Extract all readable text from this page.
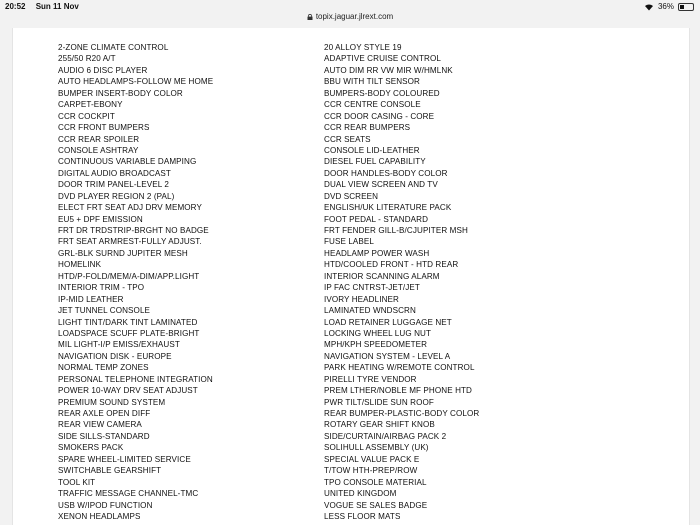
20:52 Sun 11 Nov	36%
topix.jaguar.jlrext.com
2-ZONE CLIMATE CONTROL
255/50 R20 A/T
AUDIO 6 DISC PLAYER
AUTO HEADLAMPS-FOLLOW ME HOME
BUMPER INSERT-BODY COLOR
CARPET-EBONY
CCR COCKPIT
CCR FRONT BUMPERS
CCR REAR SPOILER
CONSOLE ASHTRAY
CONTINUOUS VARIABLE DAMPING
DIGITAL AUDIO BROADCAST
DOOR TRIM PANEL-LEVEL 2
DVD PLAYER REGION 2 (PAL)
ELECT FRT SEAT ADJ DRV MEMORY
EU5 + DPF EMISSION
FRT DR TRDSTRIP-BRGHT NO BADGE
FRT SEAT ARMREST-FULLY ADJUST.
GRL-BLK SURND JUPITER MESH
HOMELINK
HTD/P-FOLD/MEM/A-DIM/APP.LIGHT
INTERIOR TRIM - TPO
IP-MID LEATHER
JET TUNNEL CONSOLE
LIGHT TINT/DARK TINT LAMINATED
LOADSPACE SCUFF PLATE-BRIGHT
MIL LIGHT-I/P EMISS/EXHAUST
NAVIGATION DISK - EUROPE
NORMAL TEMP ZONES
PERSONAL TELEPHONE INTEGRATION
POWER 10-WAY DRV SEAT ADJUST
PREMIUM SOUND SYSTEM
REAR AXLE OPEN DIFF
REAR VIEW CAMERA
SIDE SILLS-STANDARD
SMOKERS PACK
SPARE WHEEL-LIMITED SERVICE
SWITCHABLE GEARSHIFT
TOOL KIT
TRAFFIC MESSAGE CHANNEL-TMC
USB W/IPOD FUNCTION
XENON HEADLAMPS
20 ALLOY STYLE 19
ADAPTIVE CRUISE CONTROL
AUTO DIM RR VW MIR W/HMLNK
BBU WITH TILT SENSOR
BUMPERS-BODY COLOURED
CCR CENTRE CONSOLE
CCR DOOR CASING - CORE
CCR REAR BUMPERS
CCR SEATS
CONSOLE LID-LEATHER
DIESEL FUEL CAPABILITY
DOOR HANDLES-BODY COLOR
DUAL VIEW SCREEN AND TV
DVD SCREEN
ENGLISH/UK LITERATURE PACK
FOOT PEDAL - STANDARD
FRT FENDER GILL-B/CJUPITER MSH
FUSE LABEL
HEADLAMP POWER WASH
HTD/COOLED FRONT - HTD REAR
INTERIOR SCANNING ALARM
IP FAC CNTRST-JET/JET
IVORY HEADLINER
LAMINATED WNDSCRN
LOAD RETAINER LUGGAGE NET
LOCKING WHEEL LUG NUT
MPH/KPH SPEEDOMETER
NAVIGATION SYSTEM - LEVEL A
PARK HEATING W/REMOTE CONTROL
PIRELLI TYRE VENDOR
PREM LTHER/NOBLE MF PHONE HTD
PWR TILT/SLIDE SUN ROOF
REAR BUMPER-PLASTIC-BODY COLOR
ROTARY GEAR SHIFT KNOB
SIDE/CURTAIN/AIRBAG PACK 2
SOLIHULL ASSEMBLY (UK)
SPECIAL VALUE PACK E
T/TOW HTH-PREP/ROW
TPO CONSOLE MATERIAL
UNITED KINGDOM
VOGUE SE SALES BADGE
LESS FLOOR MATS
